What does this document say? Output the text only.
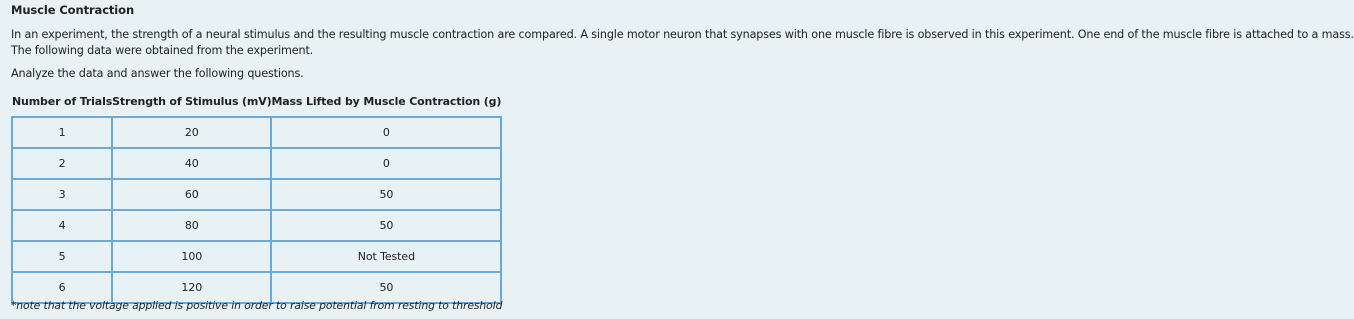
Muscle Contraction
In an experiment, the strength of a neural stimulus and the resulting muscle contraction are compared. A single motor neuron that synapses with one muscle fibre is observed in this experiment. One end of the muscle fibre is attached to a mass.
The following data were obtained from the experiment.
Analyze the data and answer the following questions.
Number of Trials	Strength of Stimulus (mV)	Mass Lifted by Muscle Contraction (g)
1	20	0
2	40	0
3	60	50
4	80	50
5	100	Not Tested
6	120	50
*note that the voltage applied is positive in order to raise potential from resting to threshold
